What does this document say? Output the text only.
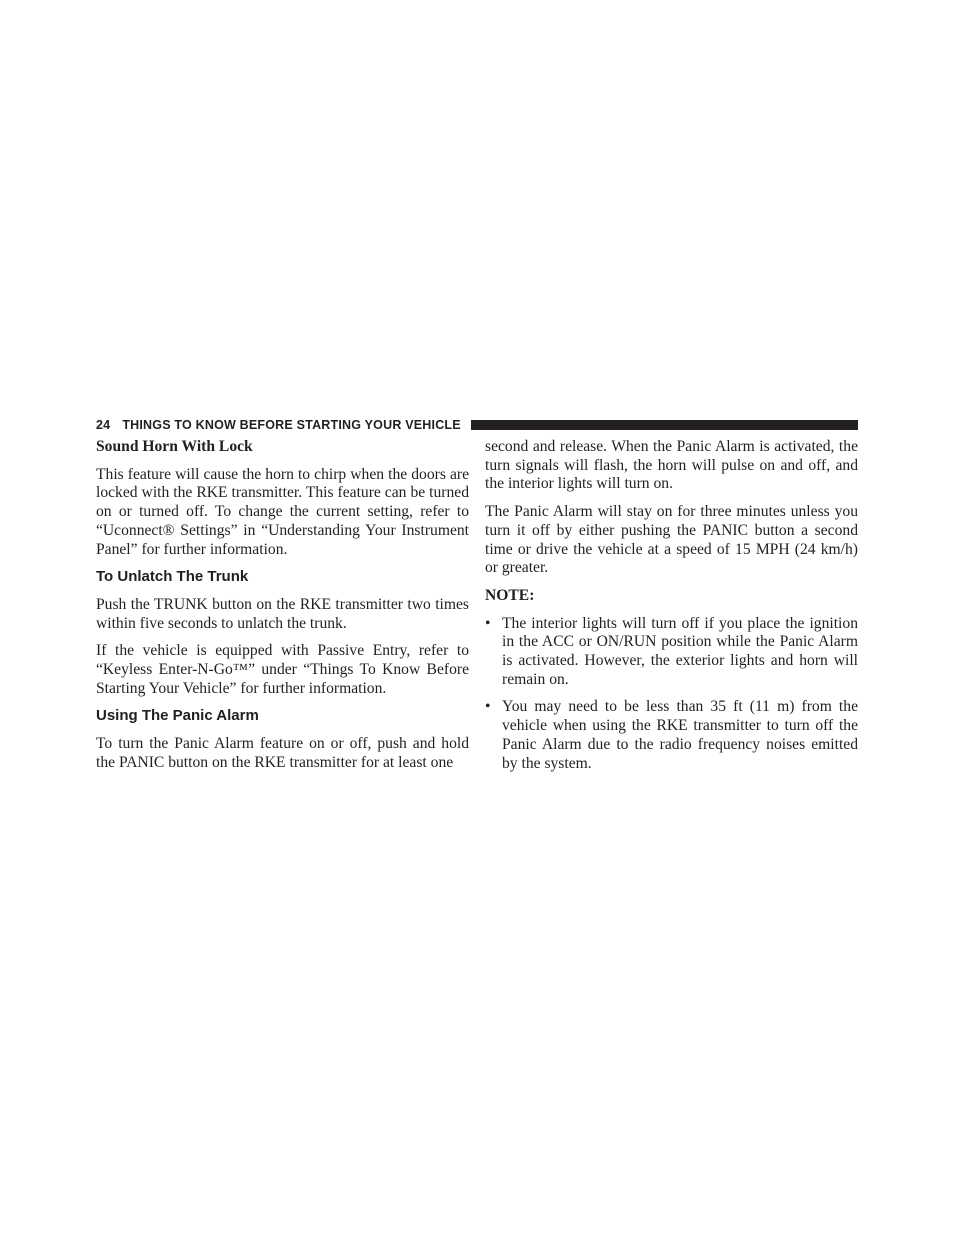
24 THINGS TO KNOW BEFORE STARTING YOUR VEHICLE
Sound Horn With Lock

This feature will cause the horn to chirp when the doors are locked with the RKE transmitter. This feature can be turned on or turned off. To change the current setting, refer to “Uconnect® Settings” in “Understanding Your Instrument Panel” for further information.

To Unlatch The Trunk

Push the TRUNK button on the RKE transmitter two times within five seconds to unlatch the trunk.

If the vehicle is equipped with Passive Entry, refer to “Keyless Enter-N-Go™” under “Things To Know Before Starting Your Vehicle” for further information.

Using The Panic Alarm

To turn the Panic Alarm feature on or off, push and hold the PANIC button on the RKE transmitter for at least one

second and release. When the Panic Alarm is activated, the turn signals will flash, the horn will pulse on and off, and the interior lights will turn on.

The Panic Alarm will stay on for three minutes unless you turn it off by either pushing the PANIC button a second time or drive the vehicle at a speed of 15 MPH (24 km/h) or greater.

NOTE:
• The interior lights will turn off if you place the ignition in the ACC or ON/RUN position while the Panic Alarm is activated. However, the exterior lights and horn will remain on.
• You may need to be less than 35 ft (11 m) from the vehicle when using the RKE transmitter to turn off the Panic Alarm due to the radio frequency noises emitted by the system.
